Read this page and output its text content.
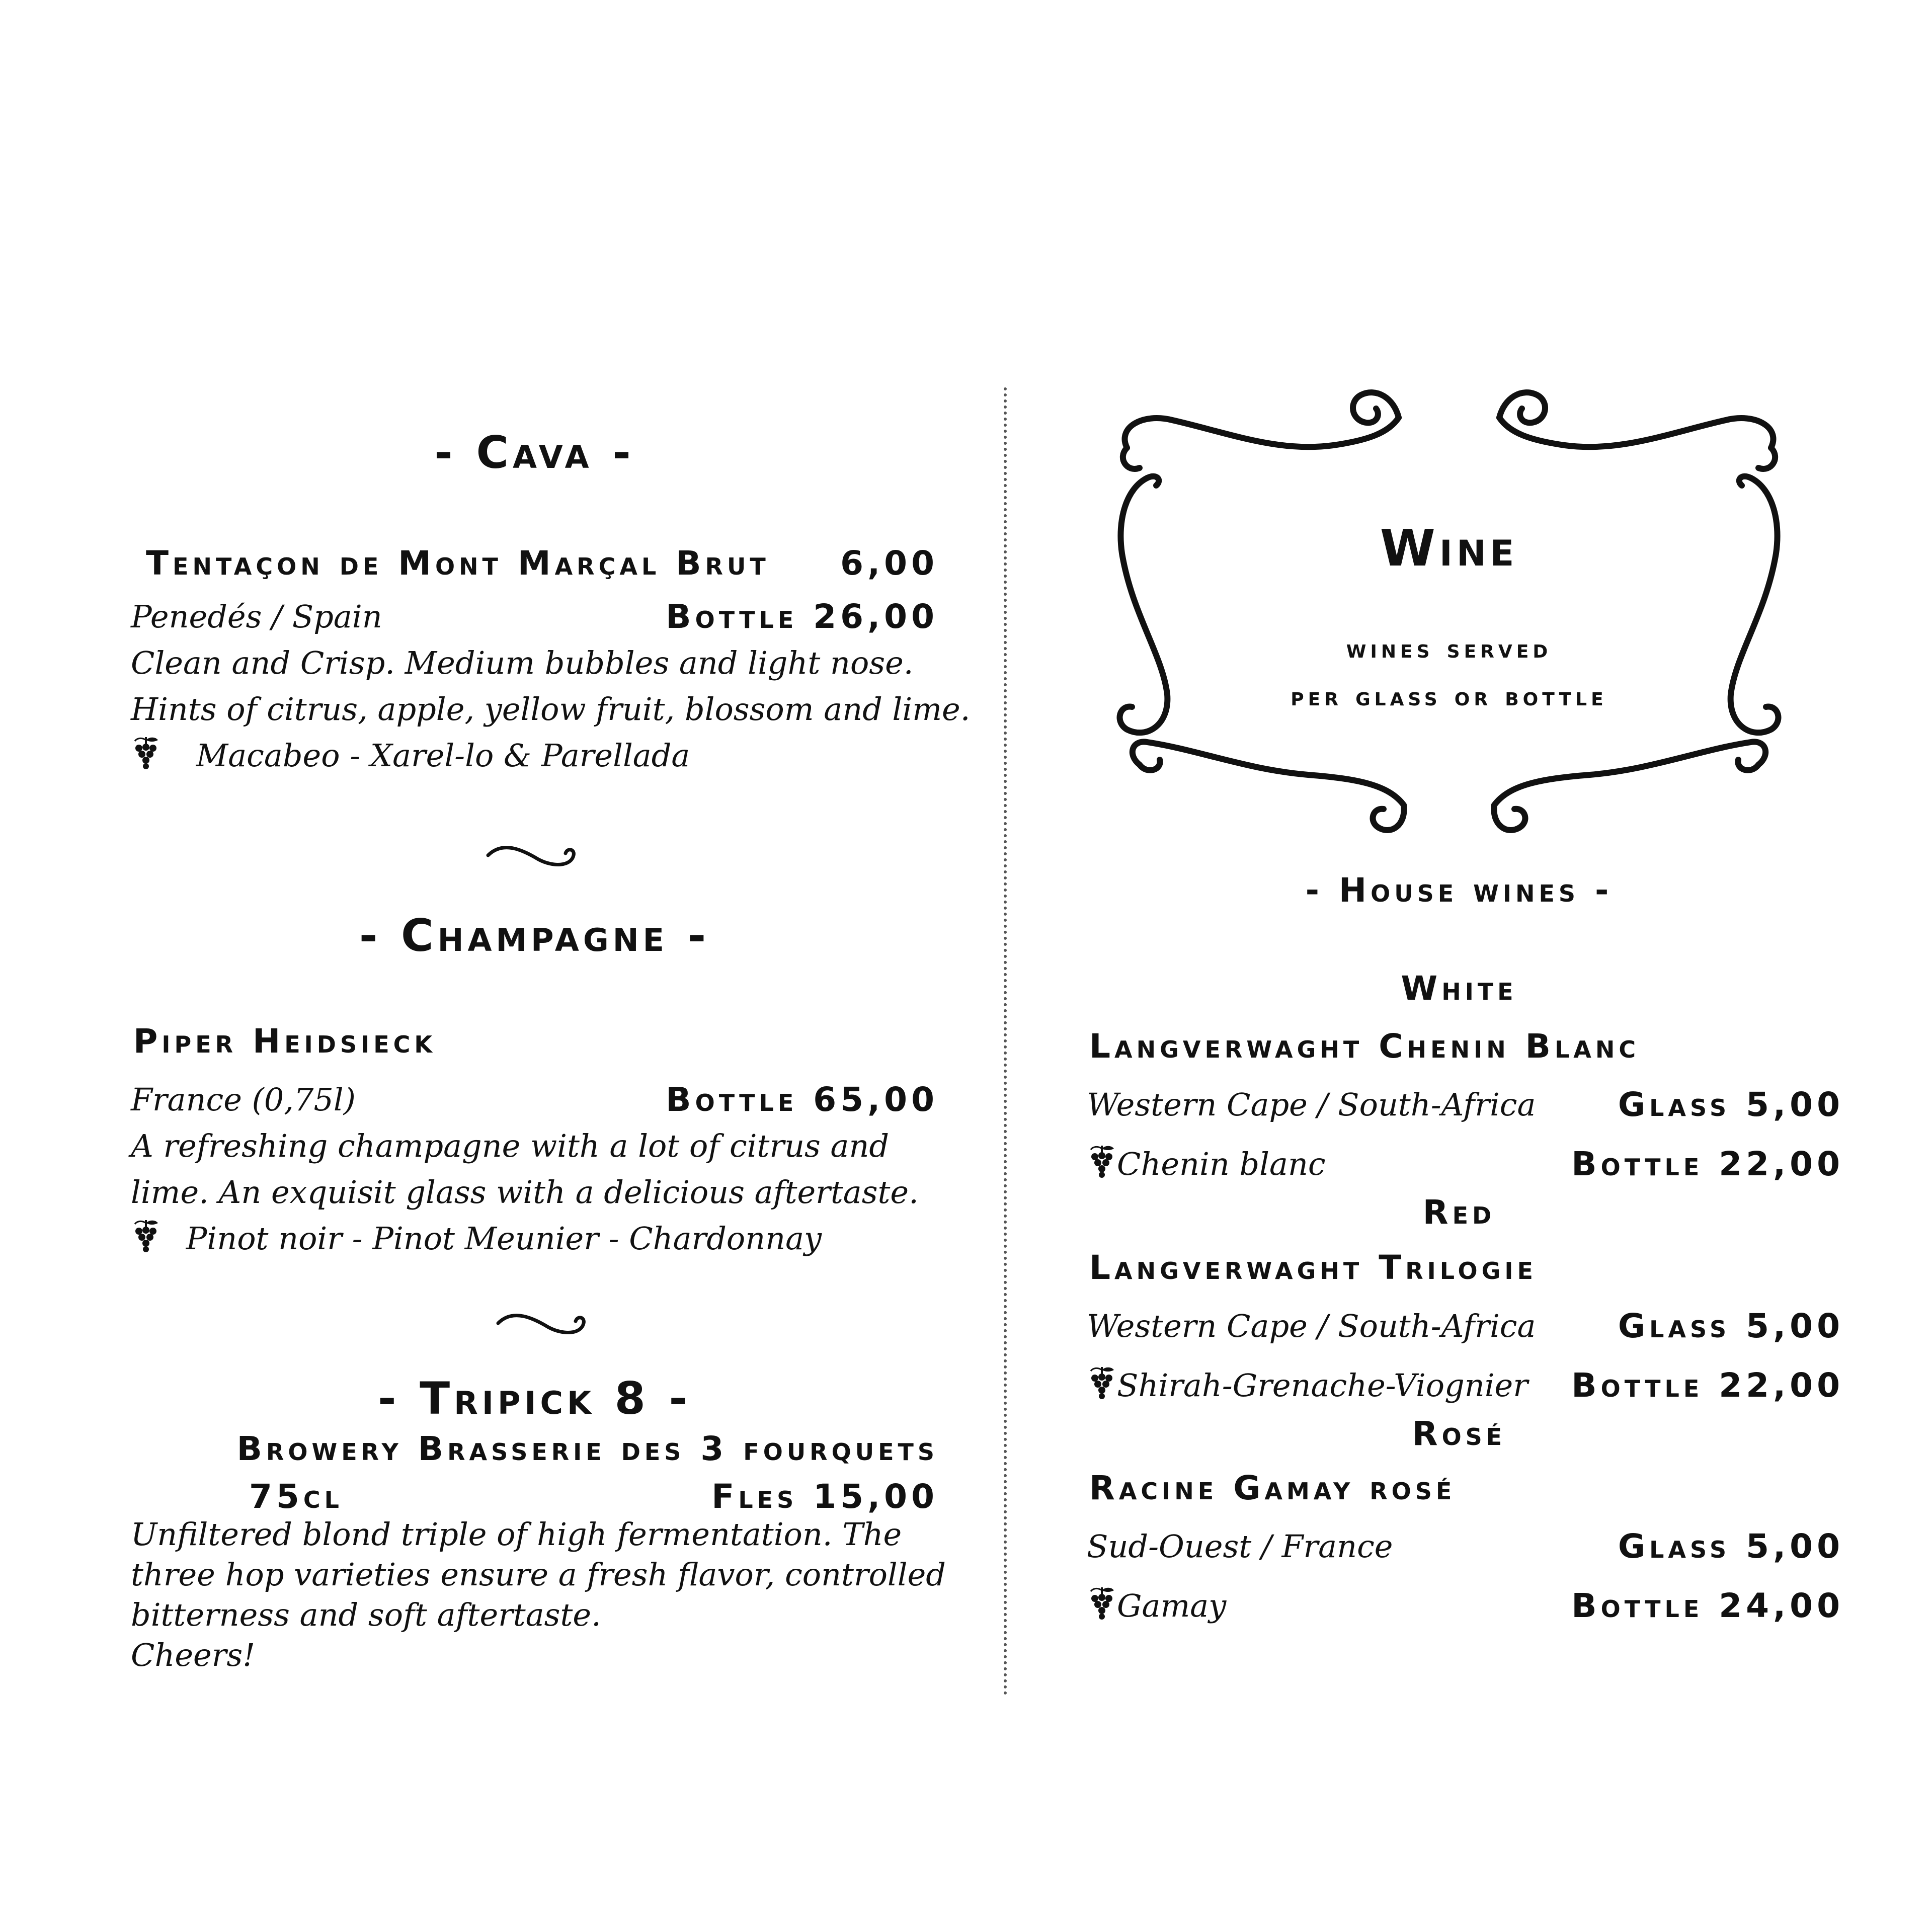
- Cava -
Tentaçon de Mont Marçal Brut	6,00
Penedés / Spain	Bottle 26,00
Clean and Crisp. Medium bubbles and light nose.
Hints of citrus, apple, yellow fruit, blossom and lime.
Macabeo - Xarel-lo & Parellada
- Champagne -
Piper Heidsieck
France (0,75l)	Bottle 65,00
A refreshing champagne with a lot of citrus and
lime. An exquisit glass with a delicious aftertaste.
Pinot noir - Pinot Meunier - Chardonnay
- Tripick 8 -
Browery Brasserie des 3 fourquets
75cl	Fles 15,00
Unfiltered blond triple of high fermentation. The
three hop varieties ensure a fresh flavor, controlled
bitterness and soft aftertaste.
Cheers!
Wine
wines served
per glass or bottle
- House wines -
White
Langverwaght Chenin Blanc
Western Cape / South-Africa	Glass 5,00
Chenin blanc	Bottle 22,00
Red
Langverwaght Trilogie
Western Cape / South-Africa	Glass 5,00
Shirah-Grenache-Viognier	Bottle 22,00
Rosé
Racine Gamay rosé
Sud-Ouest / France	Glass 5,00
Gamay	Bottle 24,00
